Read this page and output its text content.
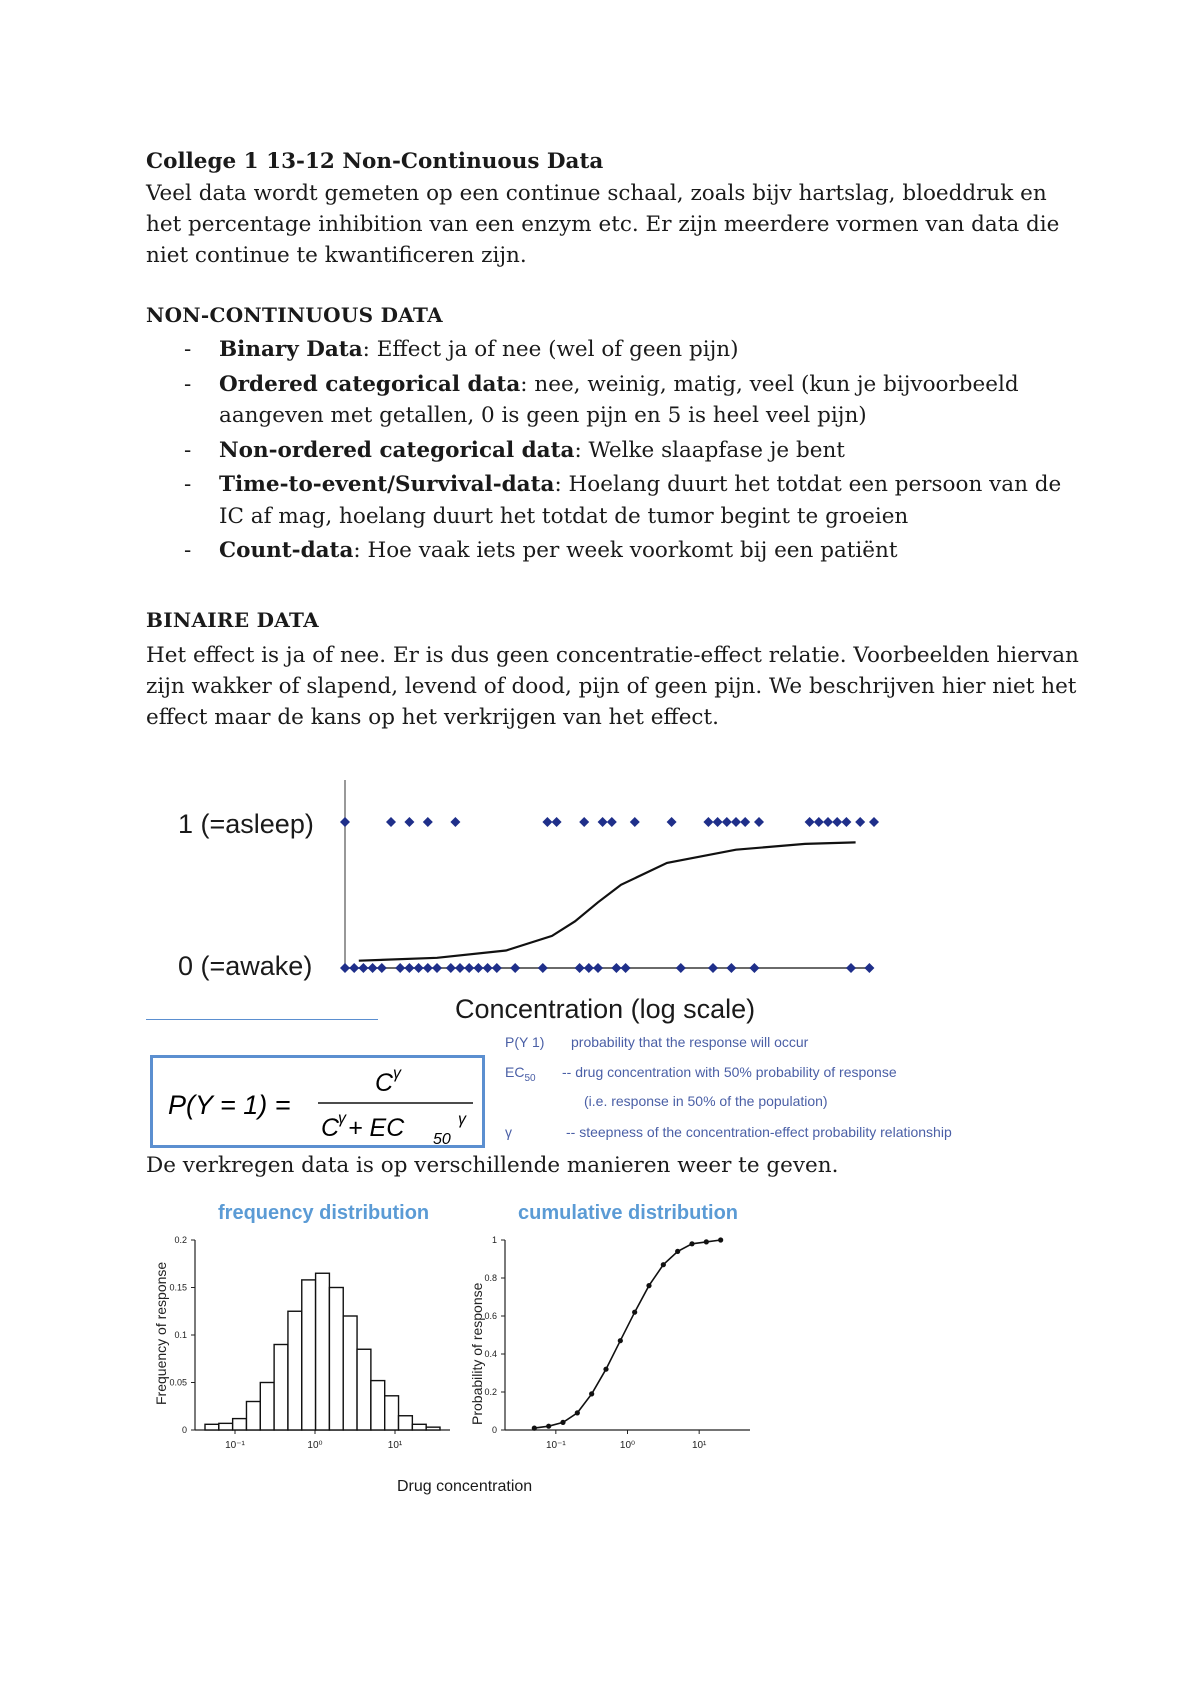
College 1 13-12 Non-Continuous Data
Veel data wordt gemeten op een continue schaal, zoals bijv hartslag, bloeddruk en
het percentage inhibition van een enzym etc. Er zijn meerdere vormen van data die
niet continue te kwantificeren zijn.
NON-CONTINUOUS DATA
- Binary Data: Effect ja of nee (wel of geen pijn)
- Ordered categorical data: nee, weinig, matig, veel (kun je bijvoorbeeld
aangeven met getallen, 0 is geen pijn en 5 is heel veel pijn)
- Non-ordered categorical data: Welke slaapfase je bent
- Time-to-event/Survival-data: Hoelang duurt het totdat een persoon van de
IC af mag, hoelang duurt het totdat de tumor begint te groeien
- Count-data: Hoe vaak iets per week voorkomt bij een patiënt
BINAIRE DATA
Het effect is ja of nee. Er is dus geen concentratie-effect relatie. Voorbeelden hiervan
zijn wakker of slapend, levend of dood, pijn of geen pijn. We beschrijven hier niet het
effect maar de kans op het verkrijgen van het effect.
1 (=asleep)
0 (=awake)
Concentration (log scale)
P(Y = 1) =
C γ
C
γ + EC 50
γ
P(Y 1) probability that the response will occur
$EC_{50}$ -- drug concentration with 50% probability of response
(i.e. response in 50% of the population)
γ	-- steepness of the concentration-effect probability relationship
De verkregen data is op verschillende manieren weer te geven.
frequency distribution
Frequency of response
0
0.05
0.1
0.15
0.2
10⁻¹	10⁰	10¹
cumulative distribution
Probability of response
0
0.2
0.4
0.6
0.8
1
10⁻¹	10⁰	10¹
Drug concentration
